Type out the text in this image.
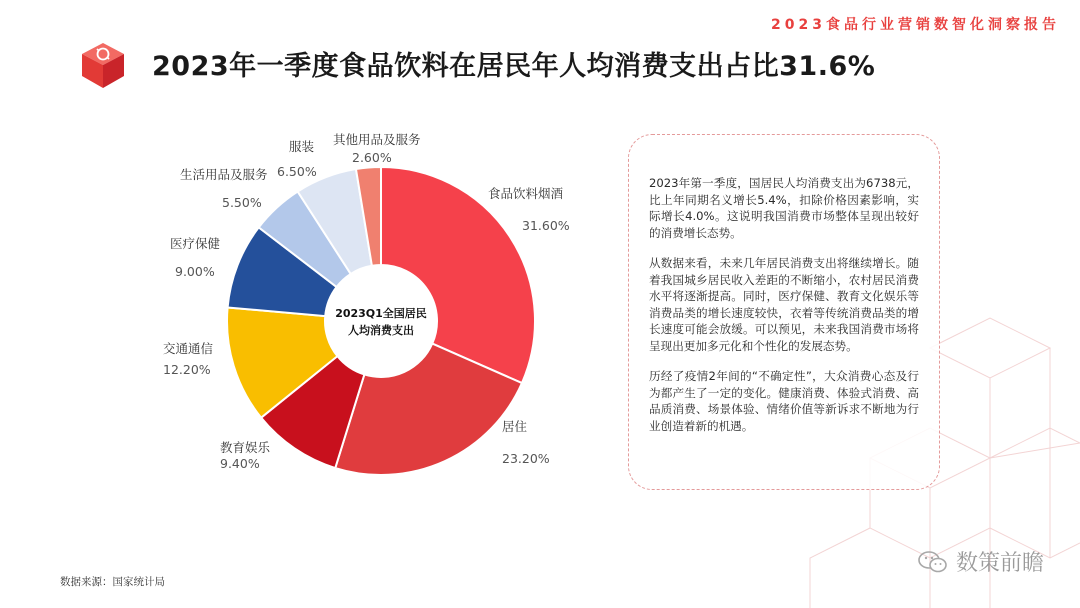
2023食品行业营销数智化洞察报告
2023年一季度食品饮料在居民年人均消费支出占比31.6%
2023Q1全国居民
人均消费支出
食品饮料烟酒
31.60%
居住
23.20%
教育娱乐
9.40%
交通通信
12.20%
医疗保健
9.00%
生活用品及服务
5.50%
服装
6.50%
其他用品及服务
2.60%

2023年第一季度，国居民人均消费支出为6738元，比上年同期名义增长5.4%，扣除价格因素影响，实际增长4.0%。这说明我国消费市场整体呈现出较好的消费增长态势。

从数据来看，未来几年居民消费支出将继续增长。随着我国城乡居民收入差距的不断缩小，农村居民消费水平将逐渐提高。同时，医疗保健、教育文化娱乐等消费品类的增长速度较快，衣着等传统消费品类的增长速度可能会放缓。可以预见，未来我国消费市场将呈现出更加多元化和个性化的发展态势。

历经了疫情2年间的“不确定性”，大众消费心态及行为都产生了一定的变化。健康消费、体验式消费、高品质消费、场景体验、情绪价值等新诉求不断地为行业创造着新的机遇。

数据来源：国家统计局
数策前瞻
